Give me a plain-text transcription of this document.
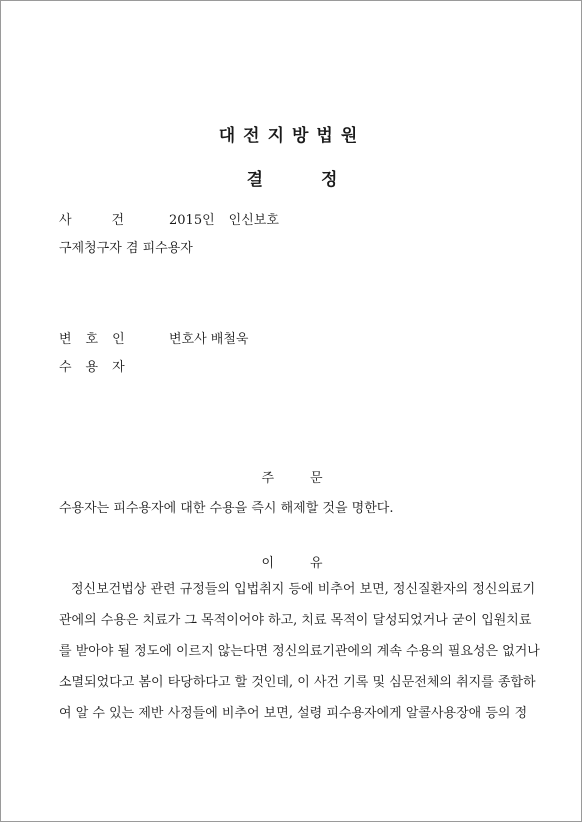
대전지방법원
결정
사건 2015인 인신보호
구제청구자 겸 피수용자
변호인 변호사 배철욱
수용자
주문
수용자는 피수용자에 대한 수용을 즉시 해제할 것을 명한다.
이유
정신보건법상 관련 규정들의 입법취지 등에 비추어 보면, 정신질환자의 정신의료기
관에의 수용은 치료가 그 목적이어야 하고, 치료 목적이 달성되었거나 굳이 입원치료
를 받아야 될 정도에 이르지 않는다면 정신의료기관에의 계속 수용의 필요성은 없거나
소멸되었다고 봄이 타당하다고 할 것인데, 이 사건 기록 및 심문전체의 취지를 종합하
여 알 수 있는 제반 사정들에 비추어 보면, 설령 피수용자에게 알콜사용장애 등의 정
